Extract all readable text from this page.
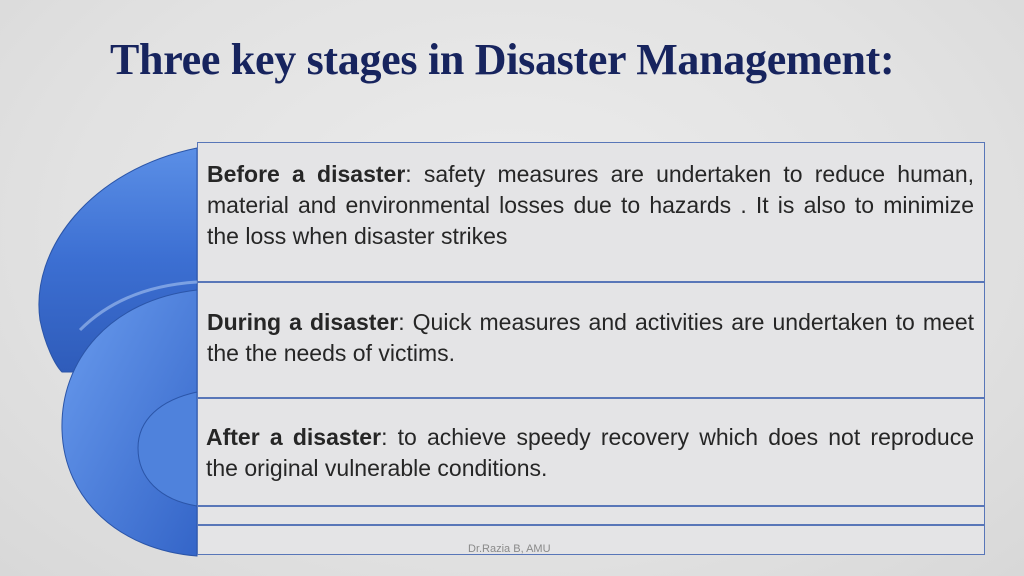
Three key stages in Disaster Management:

Before a disaster: safety measures are undertaken to reduce human, material and environmental losses due to hazards . It is also to minimize the loss when disaster strikes

During a disaster: Quick measures and activities are undertaken to meet the the needs of victims.

After a disaster: to achieve speedy recovery which does not reproduce the original vulnerable conditions.

Dr.Razia B, AMU
